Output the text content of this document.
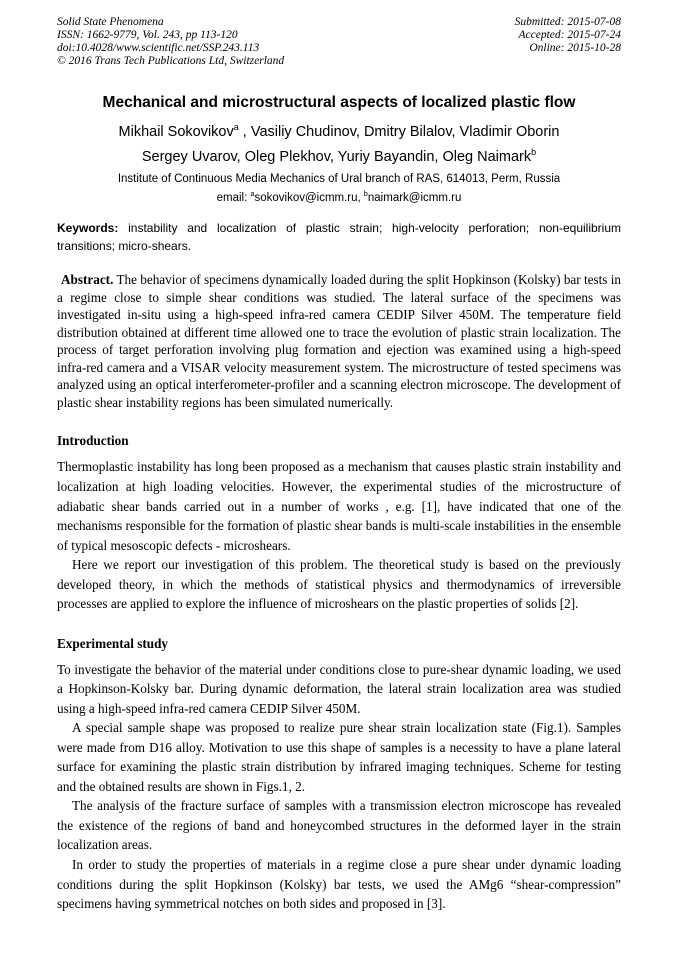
Solid State Phenomena
ISSN: 1662-9779, Vol. 243, pp 113-120
doi:10.4028/www.scientific.net/SSP.243.113
© 2016 Trans Tech Publications Ltd, Switzerland
Submitted: 2015-07-08
Accepted: 2015-07-24
Online: 2015-10-28
Mechanical and microstructural aspects of localized plastic flow
Mikhail Sokovikov$^a$ , Vasiliy Chudinov, Dmitry Bilalov, Vladimir Oborin
Sergey Uvarov, Oleg Plekhov, Yuriy Bayandin, Oleg Naimark$^b$
Institute of Continuous Media Mechanics of Ural branch of RAS, 614013, Perm, Russia
email: $^a$sokovikov@icmm.ru, $^b$naimark@icmm.ru
Keywords: instability and localization of plastic strain; high-velocity perforation; non-equilibrium transitions; micro-shears.
Abstract. The behavior of specimens dynamically loaded during the split Hopkinson (Kolsky) bar tests in a regime close to simple shear conditions was studied. The lateral surface of the specimens was investigated in-situ using a high-speed infra-red camera CEDIP Silver 450M. The temperature field distribution obtained at different time allowed one to trace the evolution of plastic strain localization. The process of target perforation involving plug formation and ejection was examined using a high-speed infra-red camera and a VISAR velocity measurement system. The microstructure of tested specimens was analyzed using an optical interferometer-profiler and a scanning electron microscope. The development of plastic shear instability regions has been simulated numerically.
Introduction

Thermoplastic instability has long been proposed as a mechanism that causes plastic strain instability and localization at high loading velocities. However, the experimental studies of the microstructure of adiabatic shear bands carried out in a number of works , e.g. [1], have indicated that one of the mechanisms responsible for the formation of plastic shear bands is multi-scale instabilities in the ensemble of typical mesoscopic defects - microshears.

Here we report our investigation of this problem. The theoretical study is based on the previously developed theory, in which the methods of statistical physics and thermodynamics of irreversible processes are applied to explore the influence of microshears on the plastic properties of solids [2].

Experimental study

To investigate the behavior of the material under conditions close to pure-shear dynamic loading, we used a Hopkinson-Kolsky bar. During dynamic deformation, the lateral strain localization area was studied using a high-speed infra-red camera CEDIP Silver 450M.

A special sample shape was proposed to realize pure shear strain localization state (Fig.1). Samples were made from D16 alloy. Motivation to use this shape of samples is a necessity to have a plane lateral surface for examining the plastic strain distribution by infrared imaging techniques. Scheme for testing and the obtained results are shown in Figs.1, 2.

The analysis of the fracture surface of samples with a transmission electron microscope has revealed the existence of the regions of band and honeycombed structures in the deformed layer in the strain localization areas.

In order to study the properties of materials in a regime close a pure shear under dynamic loading conditions during the split Hopkinson (Kolsky) bar tests, we used the AMg6 “shear-compression” specimens having symmetrical notches on both sides and proposed in [3].
